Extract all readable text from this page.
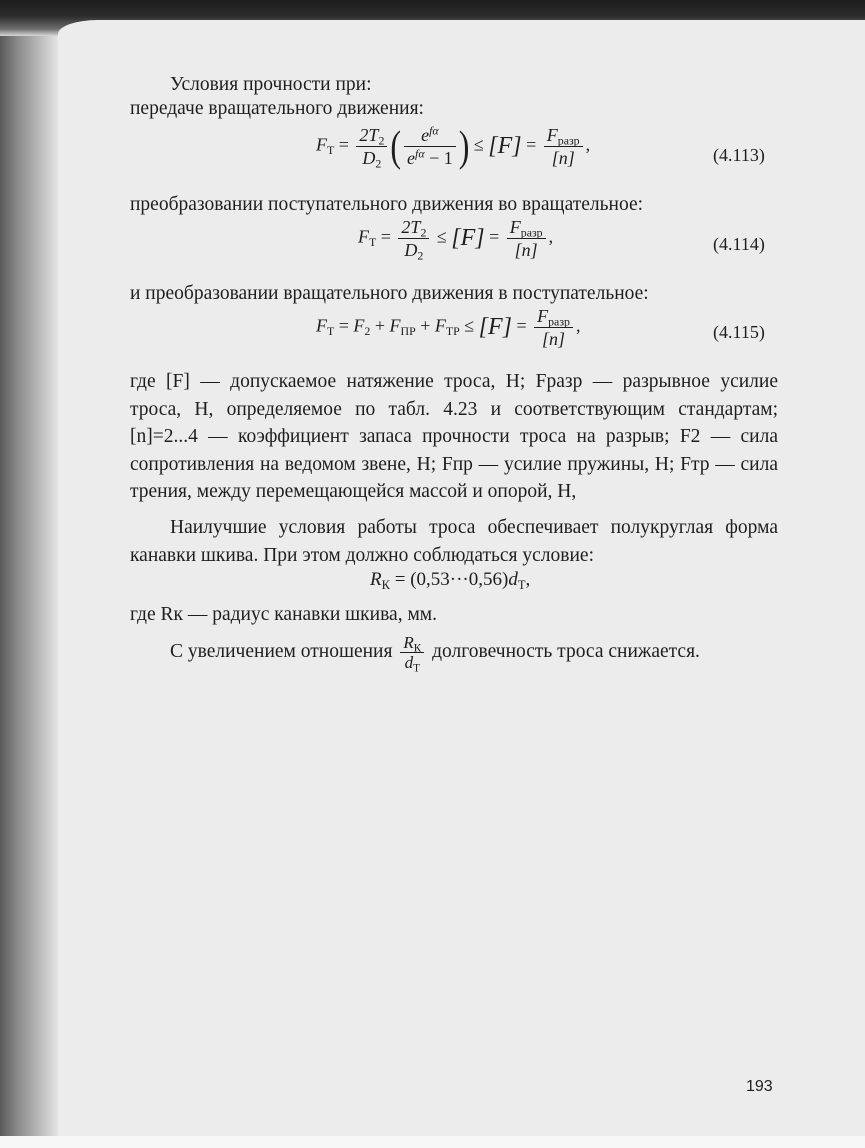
Условия прочности при:
передаче вращательного движения:
$F_Т = \frac{2T_2}{D_2}$ ( $\frac{e^{f\alpha}}{e^{f\alpha} - 1}$ ) ≤ $[F] = \frac{F_{разр}}{[n]}$ ,
(4.113)
преобразовании поступательного движения во вращательное:
$F_Т = \frac{2T_2}{D_2} \le [F] = \frac{F_{разр}}{[n]}$ ,	(4.114)
и преобразовании вращательного движения в поступательное:
$F_Т = F_2 + F_{ПР} + F_{ТР} \le [F] = \frac{F_{разр}}{[n]}$ ,	(4.115)
где [F] — допускаемое натяжение троса, Н; Fразр — разрывное усилие троса, Н, определяемое по табл. 4.23 и соответствующим стандартам; [n]=2...4 — коэффициент запаса прочности троса на разрыв; F2 — сила сопротивления на ведомом звене, Н; Fпр — усилие пружины, Н; Fтр — сила трения, между перемещающейся массой и опорой, Н,
Наилучшие условия работы троса обеспечивает полукруглая форма канавки шкива. При этом должно соблюдаться условие:
$R_К = (0,53\cdot\cdot\cdot 0,56)d_Т$,
где Rк — радиус канавки шкива, мм.
С увеличением отношения $\frac{R_К}{d_Т}$ долговечность троса снижается.
193
